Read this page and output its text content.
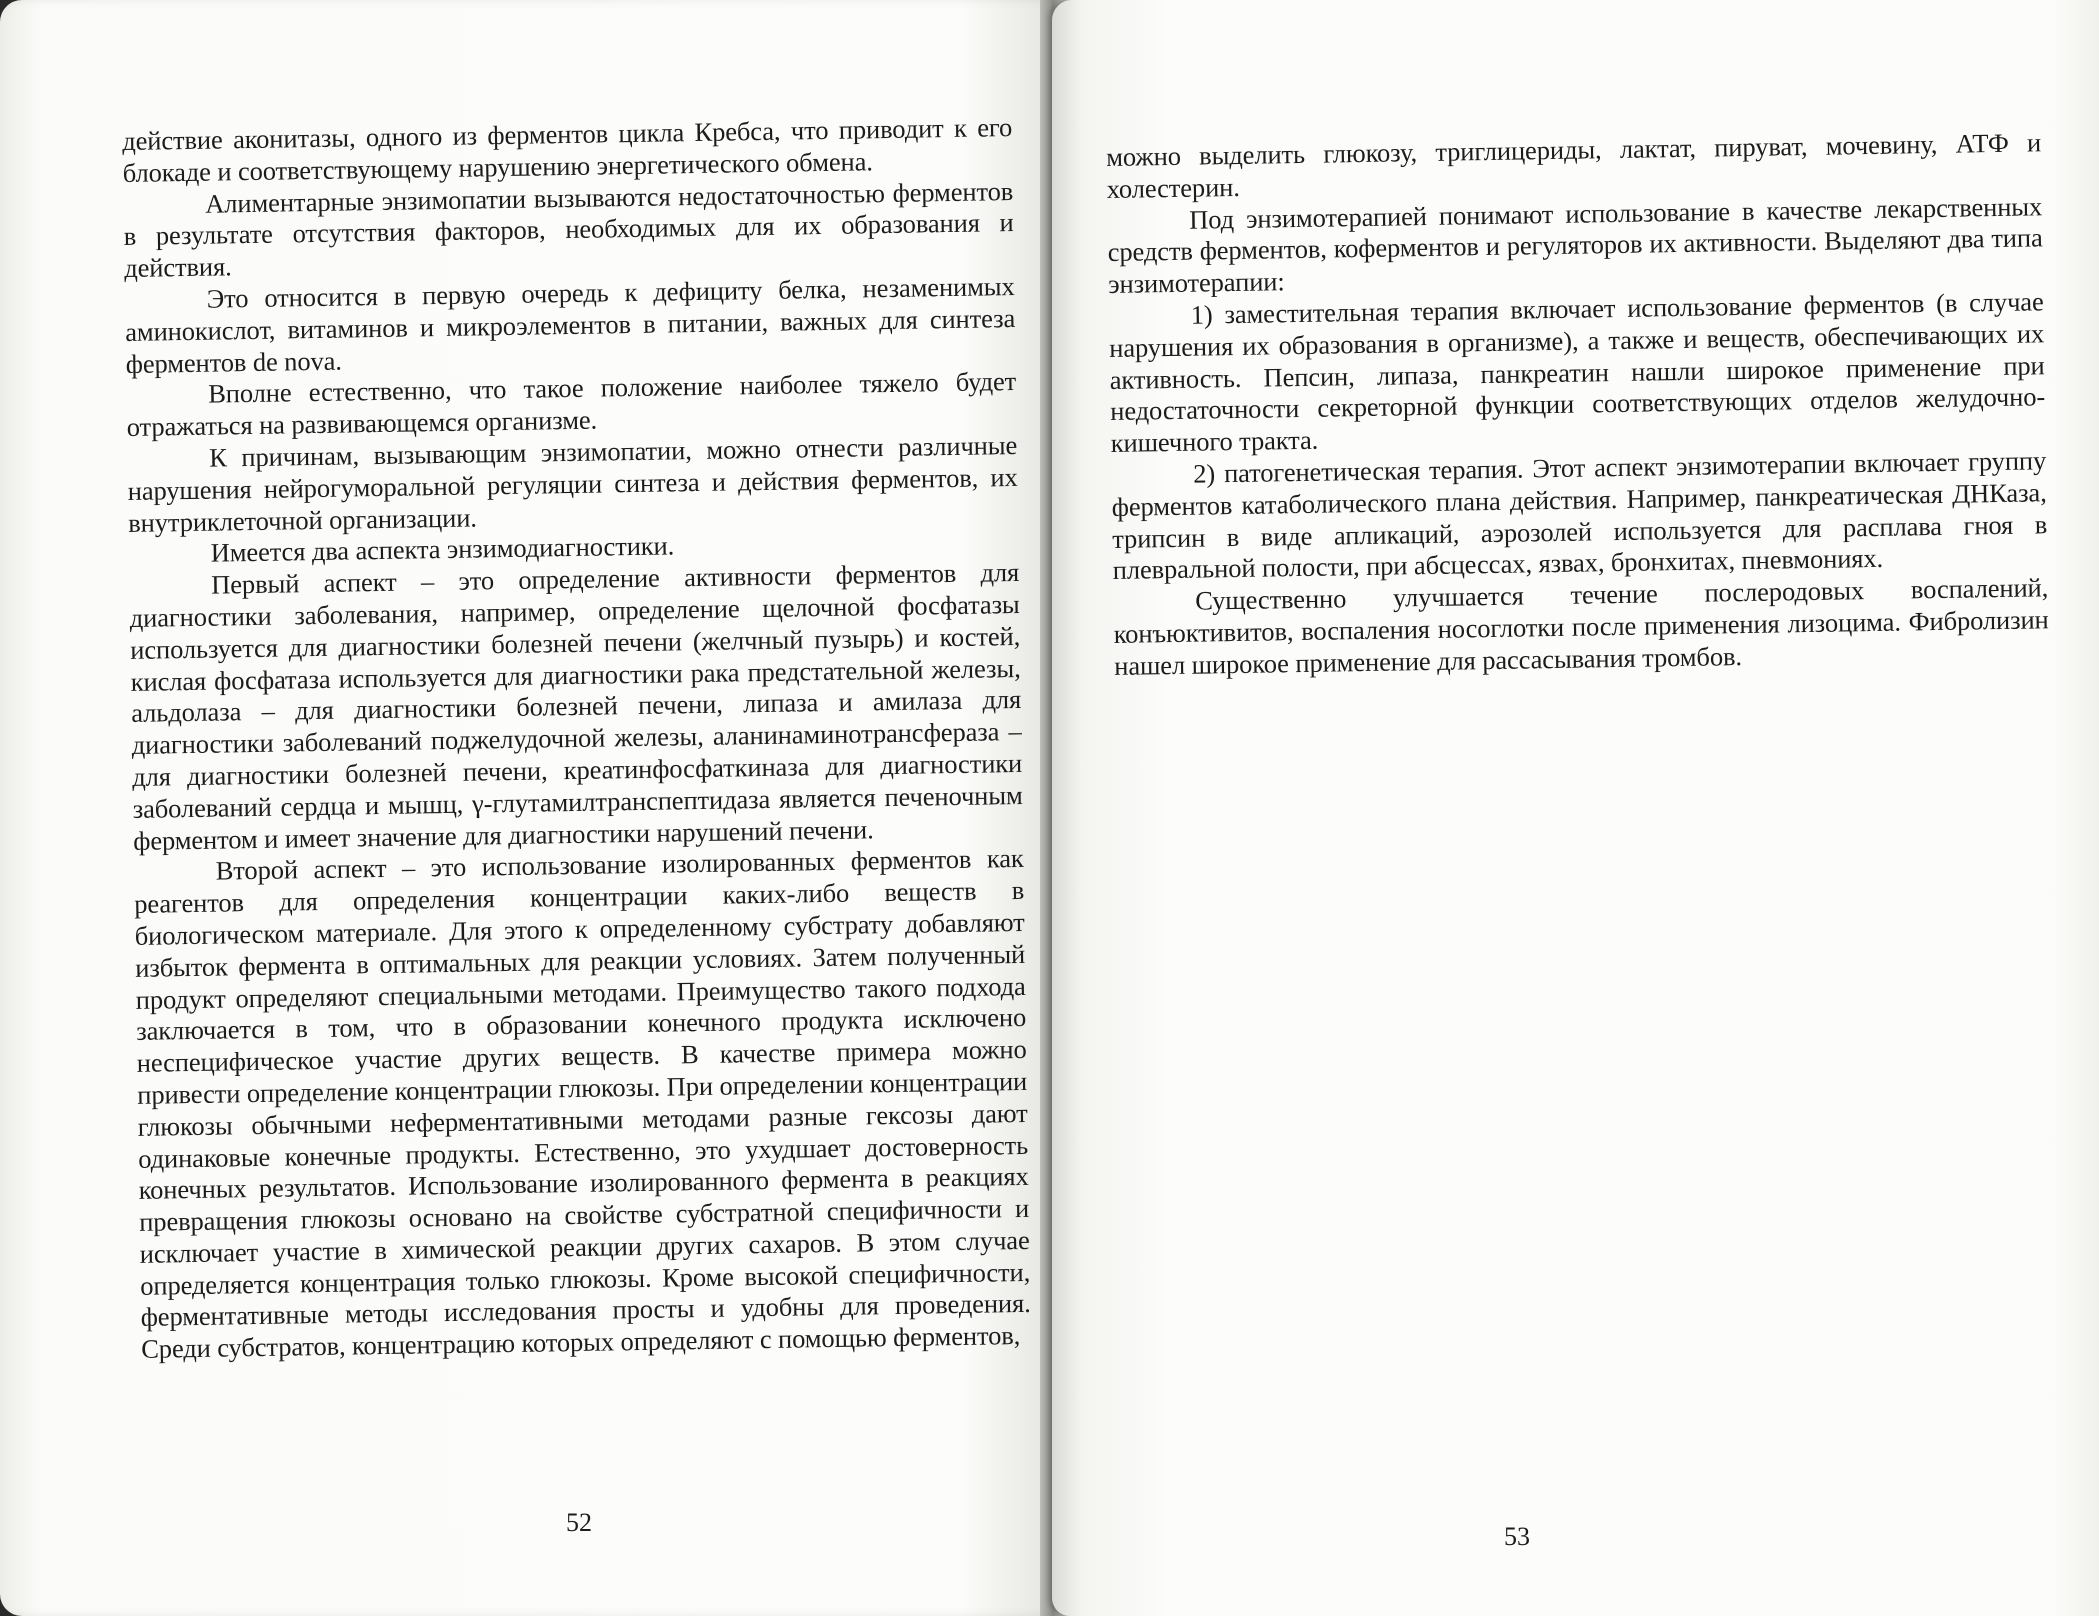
действие аконитазы, одного из ферментов цикла Кребса, что приводит к его блокаде и соответствующему нарушению энергетического обмена.

Алиментарные энзимопатии вызываются недостаточностью ферментов в результате отсутствия факторов, необходимых для их образования и действия.

Это относится в первую очередь к дефициту белка, незаменимых аминокислот, витаминов и микроэлементов в питании, важных для синтеза ферментов de nova.

Вполне естественно, что такое положение наиболее тяжело будет отражаться на развивающемся организме.

К причинам, вызывающим энзимопатии, можно отнести различные нарушения нейрогуморальной регуляции синтеза и действия ферментов, их внутриклеточной организации.

Имеется два аспекта энзимодиагностики.

Первый аспект – это определение активности ферментов для диагностики заболевания, например, определение щелочной фосфатазы используется для диагностики болезней печени (желчный пузырь) и костей, кислая фосфатаза используется для диагностики рака предстательной железы, альдолаза – для диагностики болезней печени, липаза и амилаза для диагностики заболеваний поджелудочной железы, аланинаминотрансфераза – для диагностики болезней печени, креатинфосфаткиназа для диагностики заболеваний сердца и мышц, γ-глутамилтранспептидаза является печеночным ферментом и имеет значение для диагностики нарушений печени.

Второй аспект – это использование изолированных ферментов как реагентов для определения концентрации каких-либо веществ в биологическом материале. Для этого к определенному субстрату добавляют избыток фермента в оптимальных для реакции условиях. Затем полученный продукт определяют специальными методами. Преимущество такого подхода заключается в том, что в образовании конечного продукта исключено неспецифическое участие других веществ. В качестве примера можно привести определение концентрации глюкозы. При определении концентрации глюкозы обычными неферментативными методами разные гексозы дают одинаковые конечные продукты. Естественно, это ухудшает достоверность конечных результатов. Использование изолированного фермента в реакциях превращения глюкозы основано на свойстве субстратной специфичности и исключает участие в химической реакции других сахаров. В этом случае определяется концентрация только глюкозы. Кроме высокой специфичности, ферментативные методы исследования просты и удобны для проведения. Среди субстратов, концентрацию которых определяют с помощью ферментов,

52

можно выделить глюкозу, триглицериды, лактат, пируват, мочевину, АТФ и холестерин.

Под энзимотерапией понимают использование в качестве лекарственных средств ферментов, коферментов и регуляторов их активности. Выделяют два типа энзимотерапии:

1) заместительная терапия включает использование ферментов (в случае нарушения их образования в организме), а также и веществ, обеспечивающих их активность. Пепсин, липаза, панкреатин нашли широкое применение при недостаточности секреторной функции соответствующих отделов желудочно-кишечного тракта.

2) патогенетическая терапия. Этот аспект энзимотерапии включает группу ферментов катаболического плана действия. Например, панкреатическая ДНКаза, трипсин в виде апликаций, аэрозолей используется для расплава гноя в плевральной полости, при абсцессах, язвах, бронхитах, пневмониях.

Существенно улучшается течение послеродовых воспалений, конъюктивитов, воспаления носоглотки после применения лизоцима. Фибролизин нашел широкое применение для рассасывания тромбов.

53
